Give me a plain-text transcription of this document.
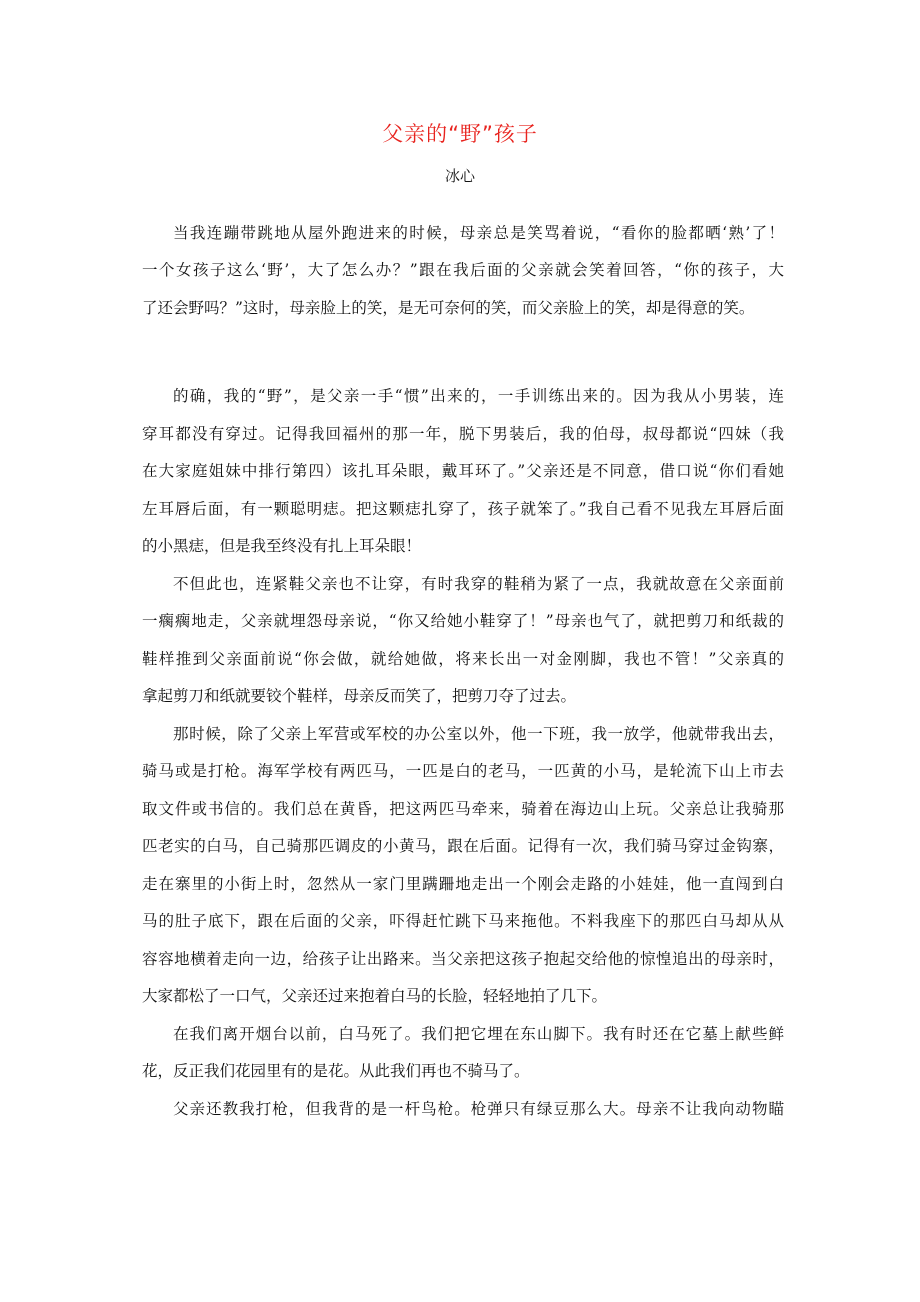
父亲的“野”孩子
冰心
当我连蹦带跳地从屋外跑进来的时候，母亲总是笑骂着说，“看你的脸都晒‘熟’了！
一个女孩子这么‘野’，大了怎么办？”跟在我后面的父亲就会笑着回答，“你的孩子，大
了还会野吗？”这时，母亲脸上的笑，是无可奈何的笑，而父亲脸上的笑，却是得意的笑。
的确，我的“野”，是父亲一手“惯”出来的，一手训练出来的。因为我从小男装，连
穿耳都没有穿过。记得我回福州的那一年，脱下男装后，我的伯母，叔母都说“四妹（我
在大家庭姐妹中排行第四）该扎耳朵眼，戴耳环了。”父亲还是不同意，借口说“你们看她
左耳唇后面，有一颗聪明痣。把这颗痣扎穿了，孩子就笨了。”我自己看不见我左耳唇后面
的小黑痣，但是我至终没有扎上耳朵眼！
不但此也，连紧鞋父亲也不让穿，有时我穿的鞋稍为紧了一点，我就故意在父亲面前
一瘸瘸地走，父亲就埋怨母亲说，“你又给她小鞋穿了！”母亲也气了，就把剪刀和纸裁的
鞋样推到父亲面前说“你会做，就给她做，将来长出一对金刚脚，我也不管！”父亲真的
拿起剪刀和纸就要铰个鞋样，母亲反而笑了，把剪刀夺了过去。
那时候，除了父亲上军营或军校的办公室以外，他一下班，我一放学，他就带我出去，
骑马或是打枪。海军学校有两匹马，一匹是白的老马，一匹黄的小马，是轮流下山上市去
取文件或书信的。我们总在黄昏，把这两匹马牵来，骑着在海边山上玩。父亲总让我骑那
匹老实的白马，自己骑那匹调皮的小黄马，跟在后面。记得有一次，我们骑马穿过金钩寨，
走在寨里的小街上时，忽然从一家门里蹒跚地走出一个刚会走路的小娃娃，他一直闯到白
马的肚子底下，跟在后面的父亲，吓得赶忙跳下马来拖他。不料我座下的那匹白马却从从
容容地横着走向一边，给孩子让出路来。当父亲把这孩子抱起交给他的惊惶追出的母亲时，
大家都松了一口气，父亲还过来抱着白马的长脸，轻轻地拍了几下。
在我们离开烟台以前，白马死了。我们把它埋在东山脚下。我有时还在它墓上献些鲜
花，反正我们花园里有的是花。从此我们再也不骑马了。
父亲还教我打枪，但我背的是一杆鸟枪。枪弹只有绿豆那么大。母亲不让我向动物瞄
